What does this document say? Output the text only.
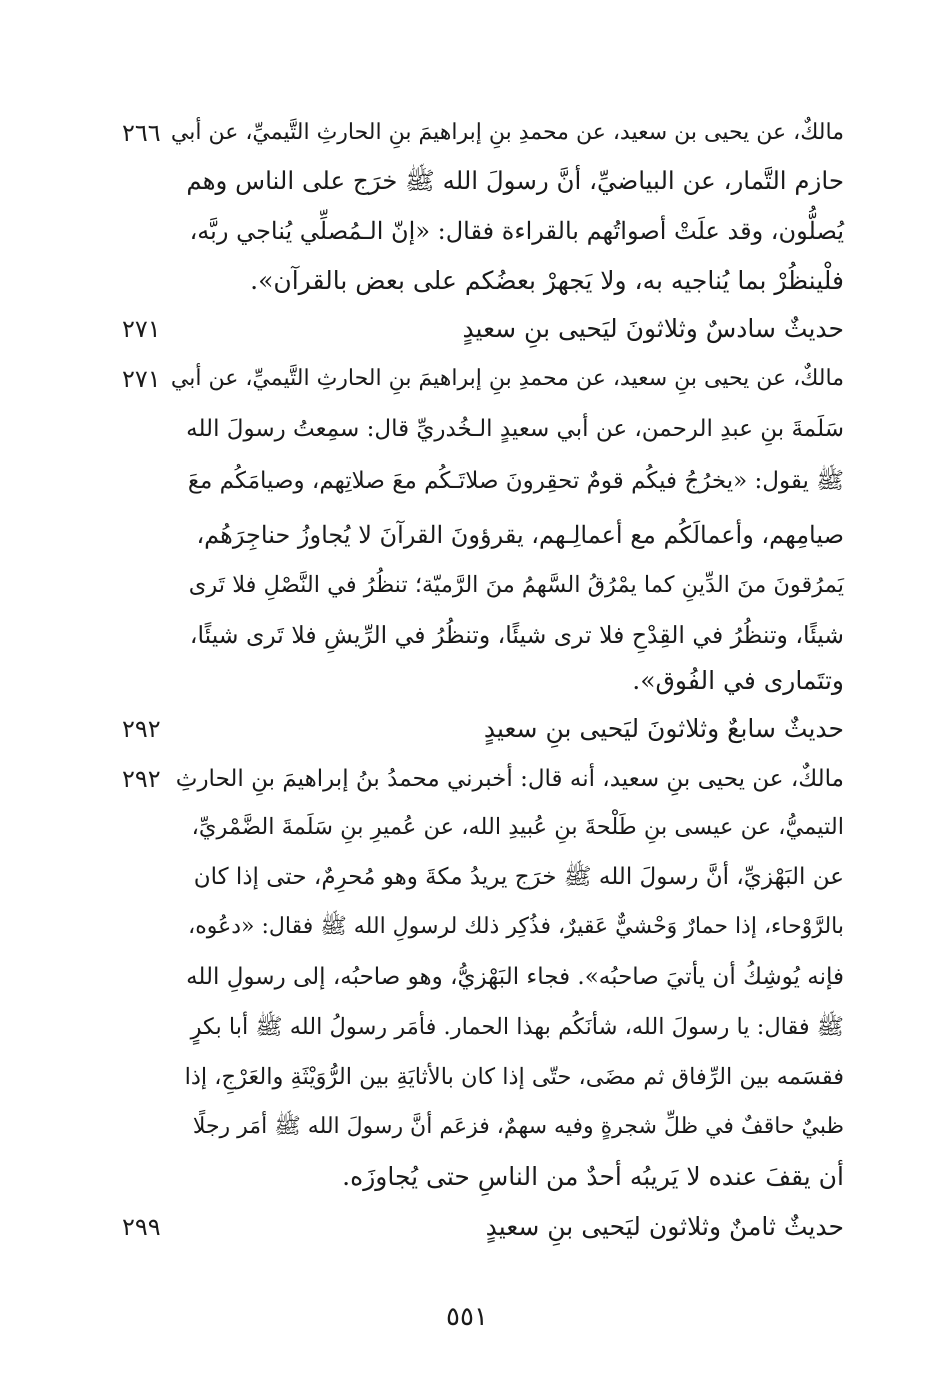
٢٦٦ مالكٌ، عن يحيى بن سعيد، عن محمدِ بنِ إبراهيمَ بنِ الحارثِ التَّيميِّ، عن أبي
حازم التَّمار، عن البياضيِّ، أنَّ رسولَ الله ﷺ خرَج على الناس وهم
يُصلُّون، وقد علَتْ أصواتُهم بالقراءة فقال: «إنّ الـمُصلِّي يُناجي ربَّه،
فلْينظُرْ بما يُناجيه به، ولا يَجهرْ بعضُكم على بعض بالقرآن».
٢٧١	حديثٌ سادسٌ وثلاثونَ ليَحيى بنِ سعيدٍ
٢٧١ مالكٌ، عن يحيى بنِ سعيد، عن محمدِ بنِ إبراهيمَ بنِ الحارثِ التَّيميِّ، عن أبي
سَلَمةَ بنِ عبدِ الرحمن، عن أبي سعيدٍ الـخُدريِّ قال: سمِعتُ رسولَ الله
ﷺ يقول: «يخرُجُ فيكُم قومٌ تحقِرونَ صلاتَـكُم معَ صلاتِهم، وصيامَكُم معَ
صيامِهم، وأعمالَكُم مع أعمالِـهم، يقرؤونَ القرآنَ لا يُجاوزُ حناجِرَهُم،
يَمرُقونَ منَ الدِّينِ كما يمْرُقُ السَّهمُ منَ الرَّميّة؛ تنظُرُ في النَّصْلِ فلا تَرى
شيئًا، وتنظُرُ في القِدْحِ فلا ترى شيئًا، وتنظُرُ في الرِّيشِ فلا تَرى شيئًا،
وتتَمارى في الفُوق».
٢٩٢	حديثٌ سابعٌ وثلاثونَ ليَحيى بنِ سعيدٍ
٢٩٢ مالكٌ، عن يحيى بنِ سعيد، أنه قال: أخبرني محمدُ بنُ إبراهيمَ بنِ الحارثِ
التيميُّ، عن عيسى بنِ طَلْحةَ بنِ عُبيدِ الله، عن عُميرِ بنِ سَلَمةَ الضَّمْريِّ،
عن البَهْزيِّ، أنَّ رسولَ الله ﷺ خرَج يريدُ مكةَ وهو مُحرِمٌ، حتى إذا كان
بالرَّوْحاء، إذا حمارٌ وَحْشيٌّ عَقيرٌ، فذُكِر ذلك لرسولِ الله ﷺ فقال: «دعُوه،
فإنه يُوشِكُ أن يأتيَ صاحبُه». فجاء البَهْزيُّ، وهو صاحبُه، إلى رسولِ الله
ﷺ فقال: يا رسولَ الله، شأنَكُم بهذا الحمار. فأمَر رسولُ الله ﷺ أبا بكرٍ
فقسَمه بين الرِّفاق ثم مضَى، حتّى إذا كان بالأثايَةِ بين الرُّوَيْثَةِ والعَرْجِ، إذا
ظبيٌ حاقفٌ في ظلِّ شجرةٍ وفيه سهمٌ، فزعَم أنَّ رسولَ الله ﷺ أمَر رجلًا
أن يقفَ عنده لا يَريبُه أحدٌ من الناسِ حتى يُجاوزَه.
٢٩٩	حديثٌ ثامنٌ وثلاثون ليَحيى بنِ سعيدٍ
٥٥١
